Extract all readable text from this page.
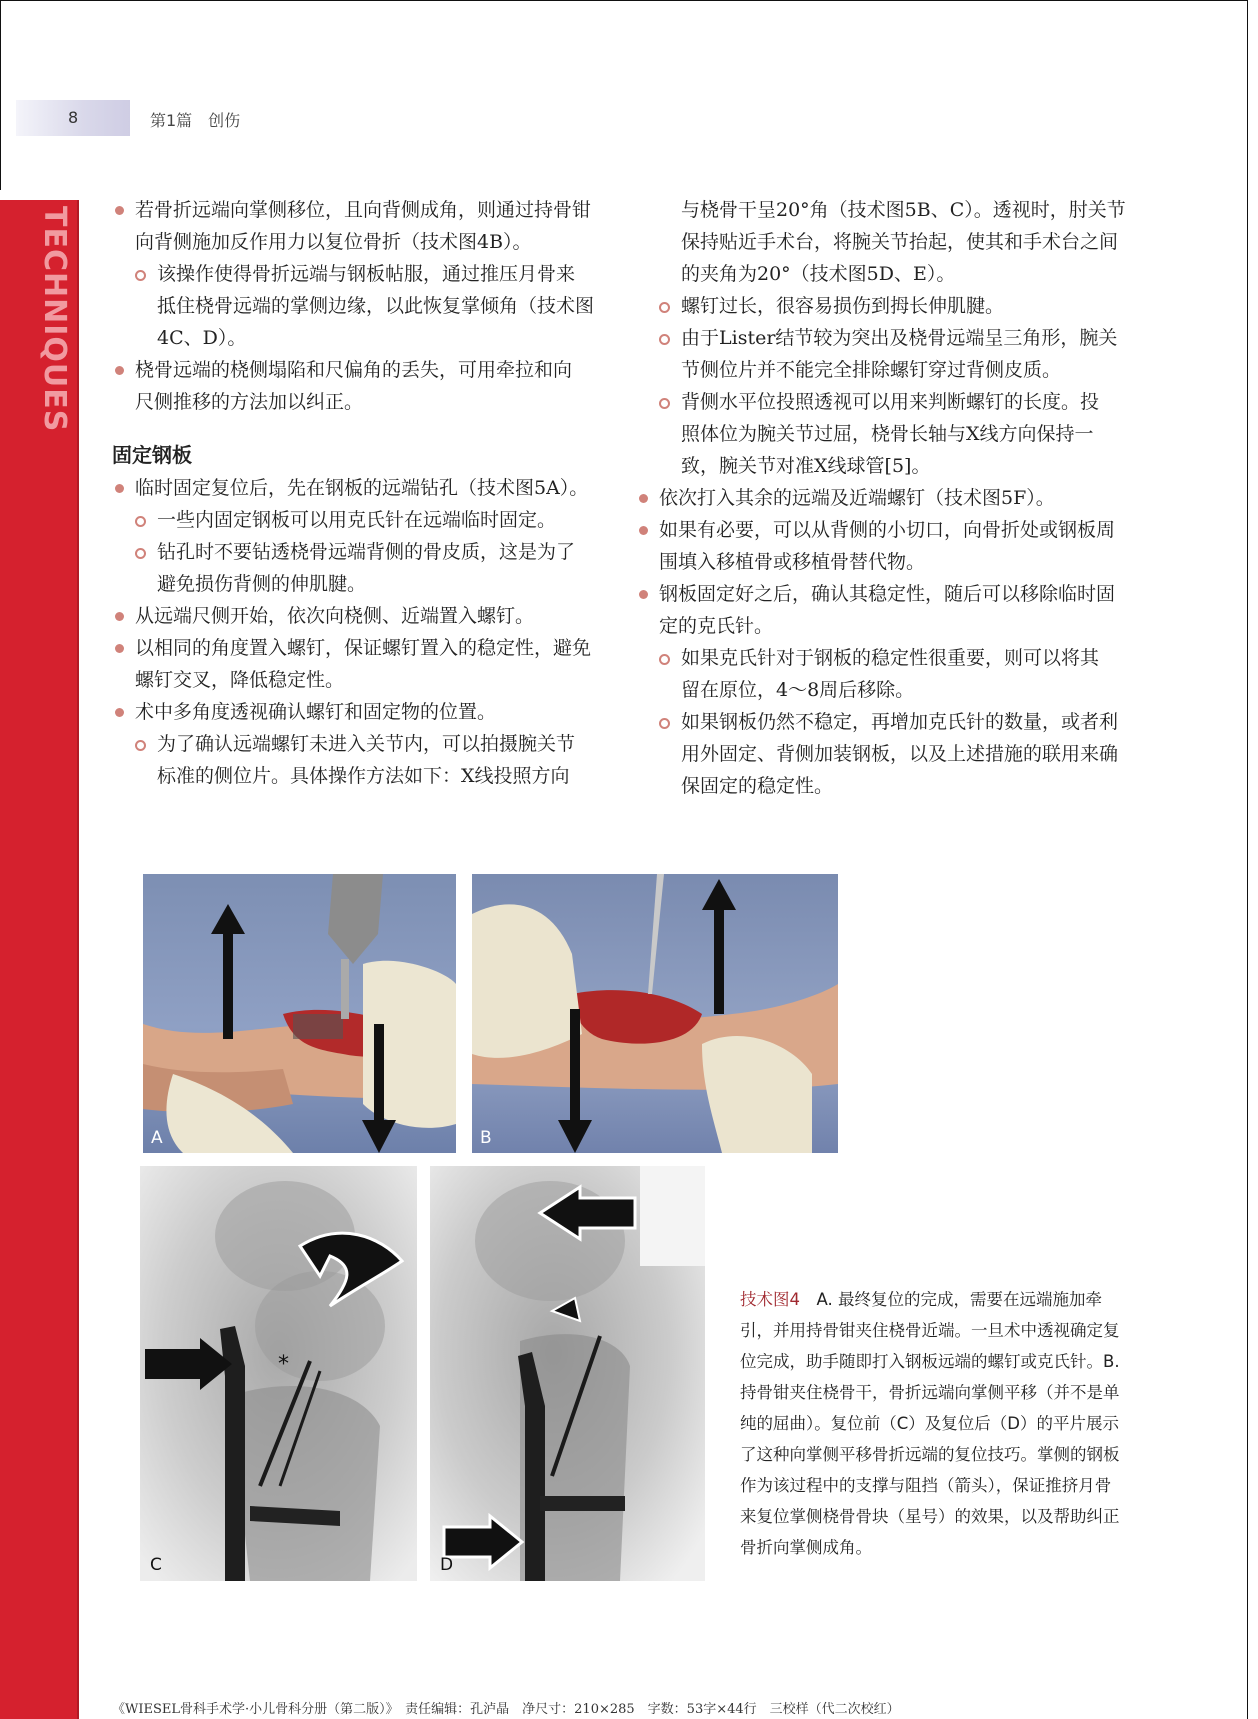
8	第1篇　创伤
TECHNIQUES	若骨折远端向掌侧移位，且向背侧成角，则通过持骨钳
向背侧施加反作用力以复位骨折（技术图4B）。
该操作使得骨折远端与钢板帖服，通过推压月骨来
抵住桡骨远端的掌侧边缘，以此恢复掌倾角（技术图
4C、D）。
桡骨远端的桡侧塌陷和尺偏角的丢失，可用牵拉和向
尺侧推移的方法加以纠正。
固定钢板
临时固定复位后，先在钢板的远端钻孔（技术图5A）。
一些内固定钢板可以用克氏针在远端临时固定。
钻孔时不要钻透桡骨远端背侧的骨皮质，这是为了
避免损伤背侧的伸肌腱。
从远端尺侧开始，依次向桡侧、近端置入螺钉。
以相同的角度置入螺钉，保证螺钉置入的稳定性，避免
螺钉交叉，降低稳定性。
术中多角度透视确认螺钉和固定物的位置。
为了确认远端螺钉未进入关节内，可以拍摄腕关节
标准的侧位片。具体操作方法如下：X线投照方向
与桡骨干呈20°角（技术图5B、C）。透视时，肘关节
保持贴近手术台，将腕关节抬起，使其和手术台之间
的夹角为20°（技术图5D、E）。
螺钉过长，很容易损伤到拇长伸肌腱。
由于Lister结节较为突出及桡骨远端呈三角形，腕关
节侧位片并不能完全排除螺钉穿过背侧皮质。
背侧水平位投照透视可以用来判断螺钉的长度。投
照体位为腕关节过屈，桡骨长轴与X线方向保持一
致，腕关节对准X线球管[5]。
依次打入其余的远端及近端螺钉（技术图5F）。
如果有必要，可以从背侧的小切口，向骨折处或钢板周
围填入移植骨或移植骨替代物。
钢板固定好之后，确认其稳定性，随后可以移除临时固
定的克氏针。
如果克氏针对于钢板的稳定性很重要，则可以将其
留在原位，4～8周后移除。
如果钢板仍然不稳定，再增加克氏针的数量，或者利
用外固定、背侧加装钢板，以及上述措施的联用来确
保固定的稳定性。
A	B
*
C	D
技术图4　A. 最终复位的完成，需要在远端施加牵引，并用持骨钳夹住桡骨近端。一旦术中透视确定复位完成，助手随即打入钢板远端的螺钉或克氏针。B. 持骨钳夹住桡骨干，骨折远端向掌侧平移（并不是单纯的屈曲）。复位前（C）及复位后（D）的平片展示了这种向掌侧平移骨折远端的复位技巧。掌侧的钢板作为该过程中的支撑与阻挡（箭头），保证推挤月骨来复位掌侧桡骨骨块（星号）的效果，以及帮助纠正骨折向掌侧成角。
《WIESEL骨科手术学·小儿骨科分册（第二版）》　责任编辑：孔泸晶　净尺寸：210×285　字数：53字×44行　三校样（代二次校红）
